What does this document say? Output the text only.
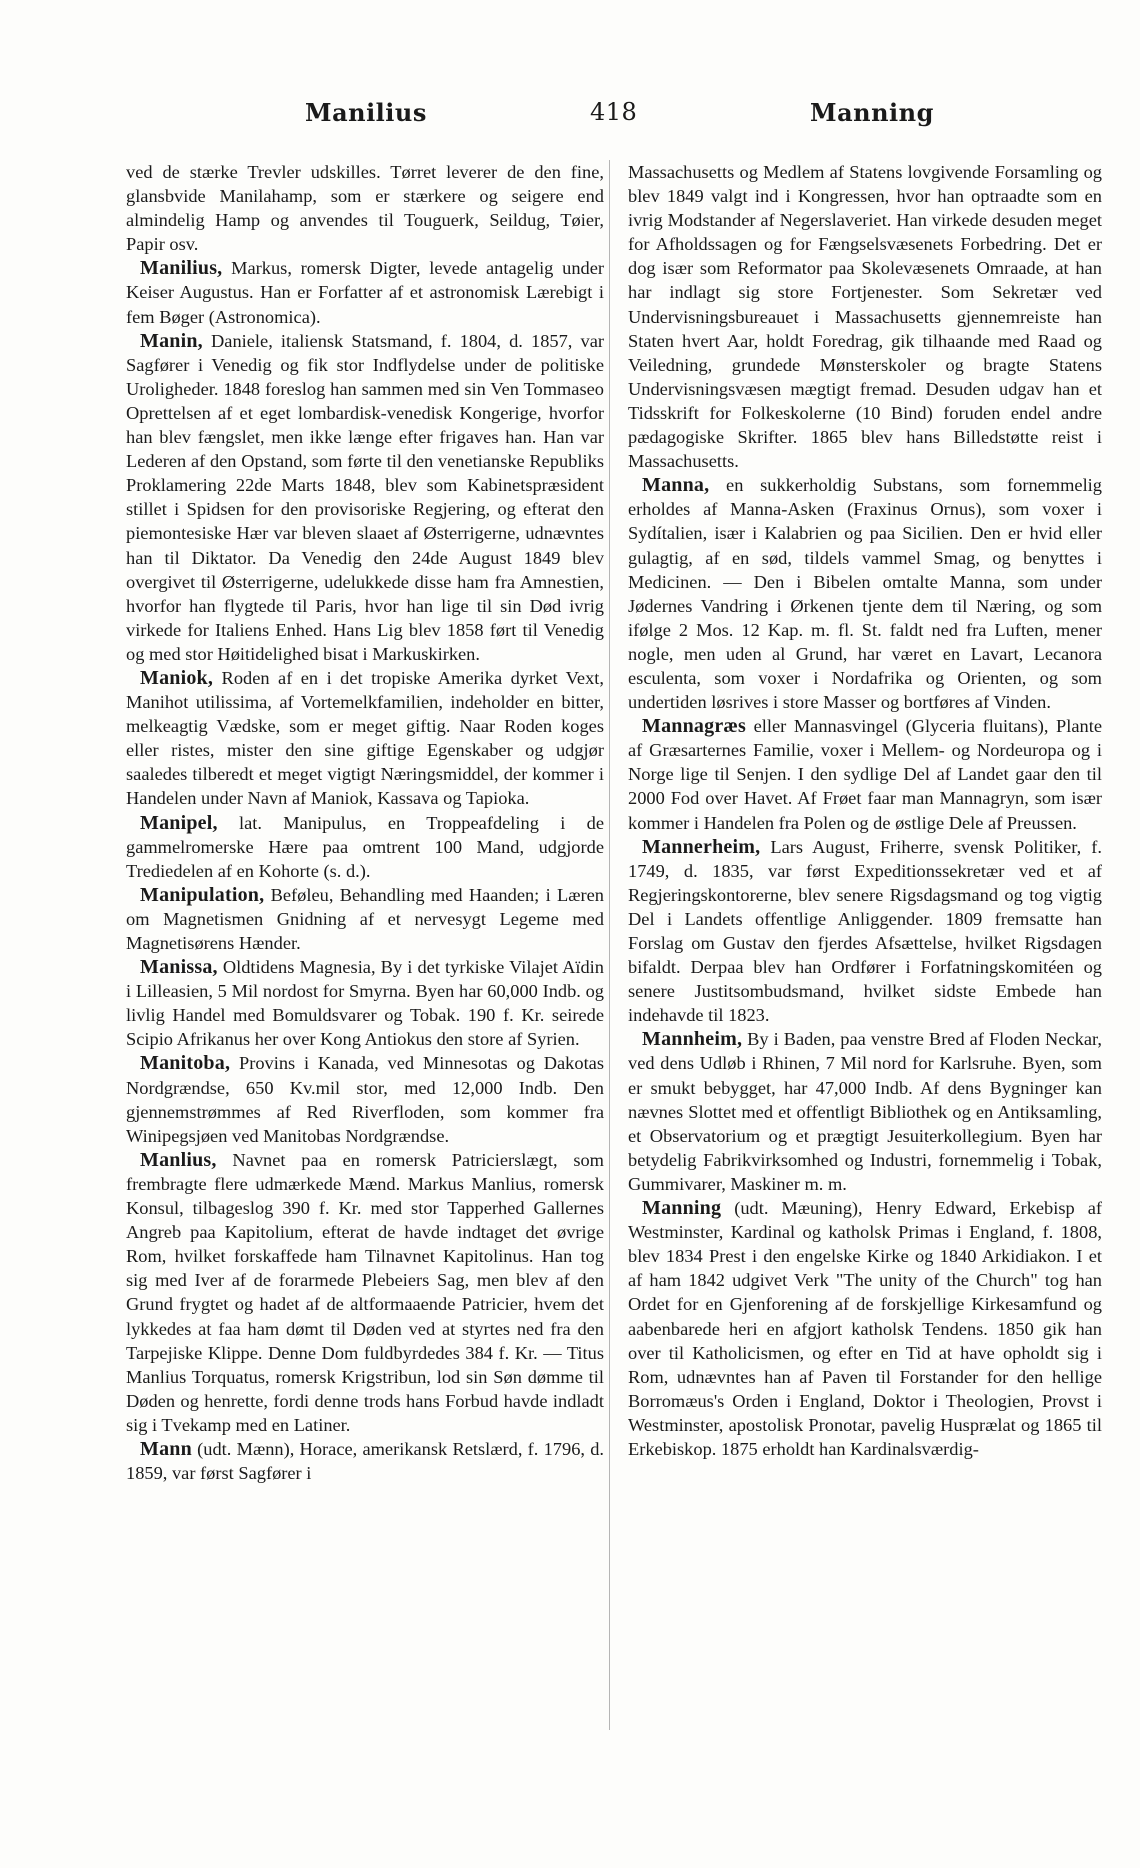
Manilius	418	Manning

ved de stærke Trevler udskilles. Tørret leverer de den fine, glansbvide Manilahamp, som er stærkere og seigere end almindelig Hamp og anvendes til Touguerk, Seildug, Tøier, Papir osv.

Manilius, Markus, romersk Digter, levede antagelig under Keiser Augustus. Han er Forfatter af et astronomisk Lærebigt i fem Bøger (Astronomica).

Manin, Daniele, italiensk Statsmand, f. 1804, d. 1857, var Sagfører i Venedig og fik stor Indflydelse under de politiske Uroligheder. 1848 foreslog han sammen med sin Ven Tommaseo Oprettelsen af et eget lombardisk-venedisk Kongerige, hvorfor han blev fængslet, men ikke længe efter frigaves han. Han var Lederen af den Opstand, som førte til den venetianske Republiks Proklamering 22de Marts 1848, blev som Kabinetspræsident stillet i Spidsen for den provisoriske Regjering, og efterat den piemontesiske Hær var bleven slaaet af Østerrigerne, udnævntes han til Diktator. Da Venedig den 24de August 1849 blev overgivet til Østerrigerne, udelukkede disse ham fra Amnestien, hvorfor han flygtede til Paris, hvor han lige til sin Død ivrig virkede for Italiens Enhed. Hans Lig blev 1858 ført til Venedig og med stor Høitidelighed bisat i Markuskirken.

Maniok, Roden af en i det tropiske Amerika dyrket Vext, Manihot utilissima, af Vortemelkfamilien, indeholder en bitter, melkeagtig Vædske, som er meget giftig. Naar Roden koges eller ristes, mister den sine giftige Egenskaber og udgjør saaledes tilberedt et meget vigtigt Næringsmiddel, der kommer i Handelen under Navn af Maniok, Kassava og Tapioka.

Manipel, lat. Manipulus, en Troppeafdeling i de gammelromerske Hære paa omtrent 100 Mand, udgjorde Trediedelen af en Kohorte (s. d.).

Manipulation, Beføleu, Behandling med Haanden; i Læren om Magnetismen Gnidning af et nervesygt Legeme med Magnetisørens Hænder.

Manissa, Oldtidens Magnesia, By i det tyrkiske Vilajet Aïdin i Lilleasien, 5 Mil nordost for Smyrna. Byen har 60,000 Indb. og livlig Handel med Bomuldsvarer og Tobak. 190 f. Kr. seirede Scipio Afrikanus her over Kong Antiokus den store af Syrien.

Manitoba, Provins i Kanada, ved Minnesotas og Dakotas Nordgrændse, 650 Kv.mil stor, med 12,000 Indb. Den gjennemstrømmes af Red Riverfloden, som kommer fra Winipegsjøen ved Manitobas Nordgrændse.

Manlius, Navnet paa en romersk Patricierslægt, som frembragte flere udmærkede Mænd. Markus Manlius, romersk Konsul, tilbageslog 390 f. Kr. med stor Tapperhed Gallernes Angreb paa Kapitolium, efterat de havde indtaget det øvrige Rom, hvilket forskaffede ham Tilnavnet Kapitolinus. Han tog sig med Iver af de forarmede Plebeiers Sag, men blev af den Grund frygtet og hadet af de altformaaende Patricier, hvem det lykkedes at faa ham dømt til Døden ved at styrtes ned fra den Tarpejiske Klippe. Denne Dom fuldbyrdedes 384 f. Kr. — Titus Manlius Torquatus, romersk Krigstribun, lod sin Søn dømme til Døden og henrette, fordi denne trods hans Forbud havde indladt sig i Tvekamp med en Latiner.

Mann (udt. Mænn), Horace, amerikansk Retslærd, f. 1796, d. 1859, var først Sagfører i

Massachusetts og Medlem af Statens lovgivende Forsamling og blev 1849 valgt ind i Kongressen, hvor han optraadte som en ivrig Modstander af Negerslaveriet. Han virkede desuden meget for Afholdssagen og for Fængselsvæsenets Forbedring. Det er dog især som Reformator paa Skolevæsenets Omraade, at han har indlagt sig store Fortjenester. Som Sekretær ved Undervisningsbureauet i Massachusetts gjennemreiste han Staten hvert Aar, holdt Foredrag, gik tilhaande med Raad og Veiledning, grundede Mønsterskoler og bragte Statens Undervisningsvæsen mægtigt fremad. Desuden udgav han et Tidsskrift for Folkeskolerne (10 Bind) foruden endel andre pædagogiske Skrifter. 1865 blev hans Billedstøtte reist i Massachusetts.

Manna, en sukkerholdig Substans, som fornemmelig erholdes af Manna-Asken (Fraxinus Ornus), som voxer i Sydítalien, især i Kalabrien og paa Sicilien. Den er hvid eller gulagtig, af en sød, tildels vammel Smag, og benyttes i Medicinen. — Den i Bibelen omtalte Manna, som under Jødernes Vandring i Ørkenen tjente dem til Næring, og som ifølge 2 Mos. 12 Kap. m. fl. St. faldt ned fra Luften, mener nogle, men uden al Grund, har været en Lavart, Lecanora esculenta, som voxer i Nordafrika og Orienten, og som undertiden løsrives i store Masser og bortføres af Vinden.

Mannagræs eller Mannasvingel (Glyceria fluitans), Plante af Græsarternes Familie, voxer i Mellem- og Nordeuropa og i Norge lige til Senjen. I den sydlige Del af Landet gaar den til 2000 Fod over Havet. Af Frøet faar man Mannagryn, som især kommer i Handelen fra Polen og de østlige Dele af Preussen.

Mannerheim, Lars August, Friherre, svensk Politiker, f. 1749, d. 1835, var først Expeditionssekretær ved et af Regjeringskontorerne, blev senere Rigsdagsmand og tog vigtig Del i Landets offentlige Anliggender. 1809 fremsatte han Forslag om Gustav den fjerdes Afsættelse, hvilket Rigsdagen bifaldt. Derpaa blev han Ordfører i Forfatningskomitéen og senere Justitsombudsmand, hvilket sidste Embede han indehavde til 1823.

Mannheim, By i Baden, paa venstre Bred af Floden Neckar, ved dens Udløb i Rhinen, 7 Mil nord for Karlsruhe. Byen, som er smukt bebygget, har 47,000 Indb. Af dens Bygninger kan nævnes Slottet med et offentligt Bibliothek og en Antiksamling, et Observatorium og et prægtigt Jesuiterkollegium. Byen har betydelig Fabrikvirksomhed og Industri, fornemmelig i Tobak, Gummivarer, Maskiner m. m.

Manning (udt. Mæuning), Henry Edward, Erkebisp af Westminster, Kardinal og katholsk Primas i England, f. 1808, blev 1834 Prest i den engelske Kirke og 1840 Arkidiakon. I et af ham 1842 udgivet Verk "The unity of the Church" tog han Ordet for en Gjenforening af de forskjellige Kirkesamfund og aabenbarede heri en afgjort katholsk Tendens. 1850 gik han over til Katholicismen, og efter en Tid at have opholdt sig i Rom, udnævntes han af Paven til Forstander for den hellige Borromæus's Orden i England, Doktor i Theologien, Provst i Westminster, apostolisk Pronotar, pavelig Husprælat og 1865 til Erkebiskop. 1875 erholdt han Kardinalsværdig-
